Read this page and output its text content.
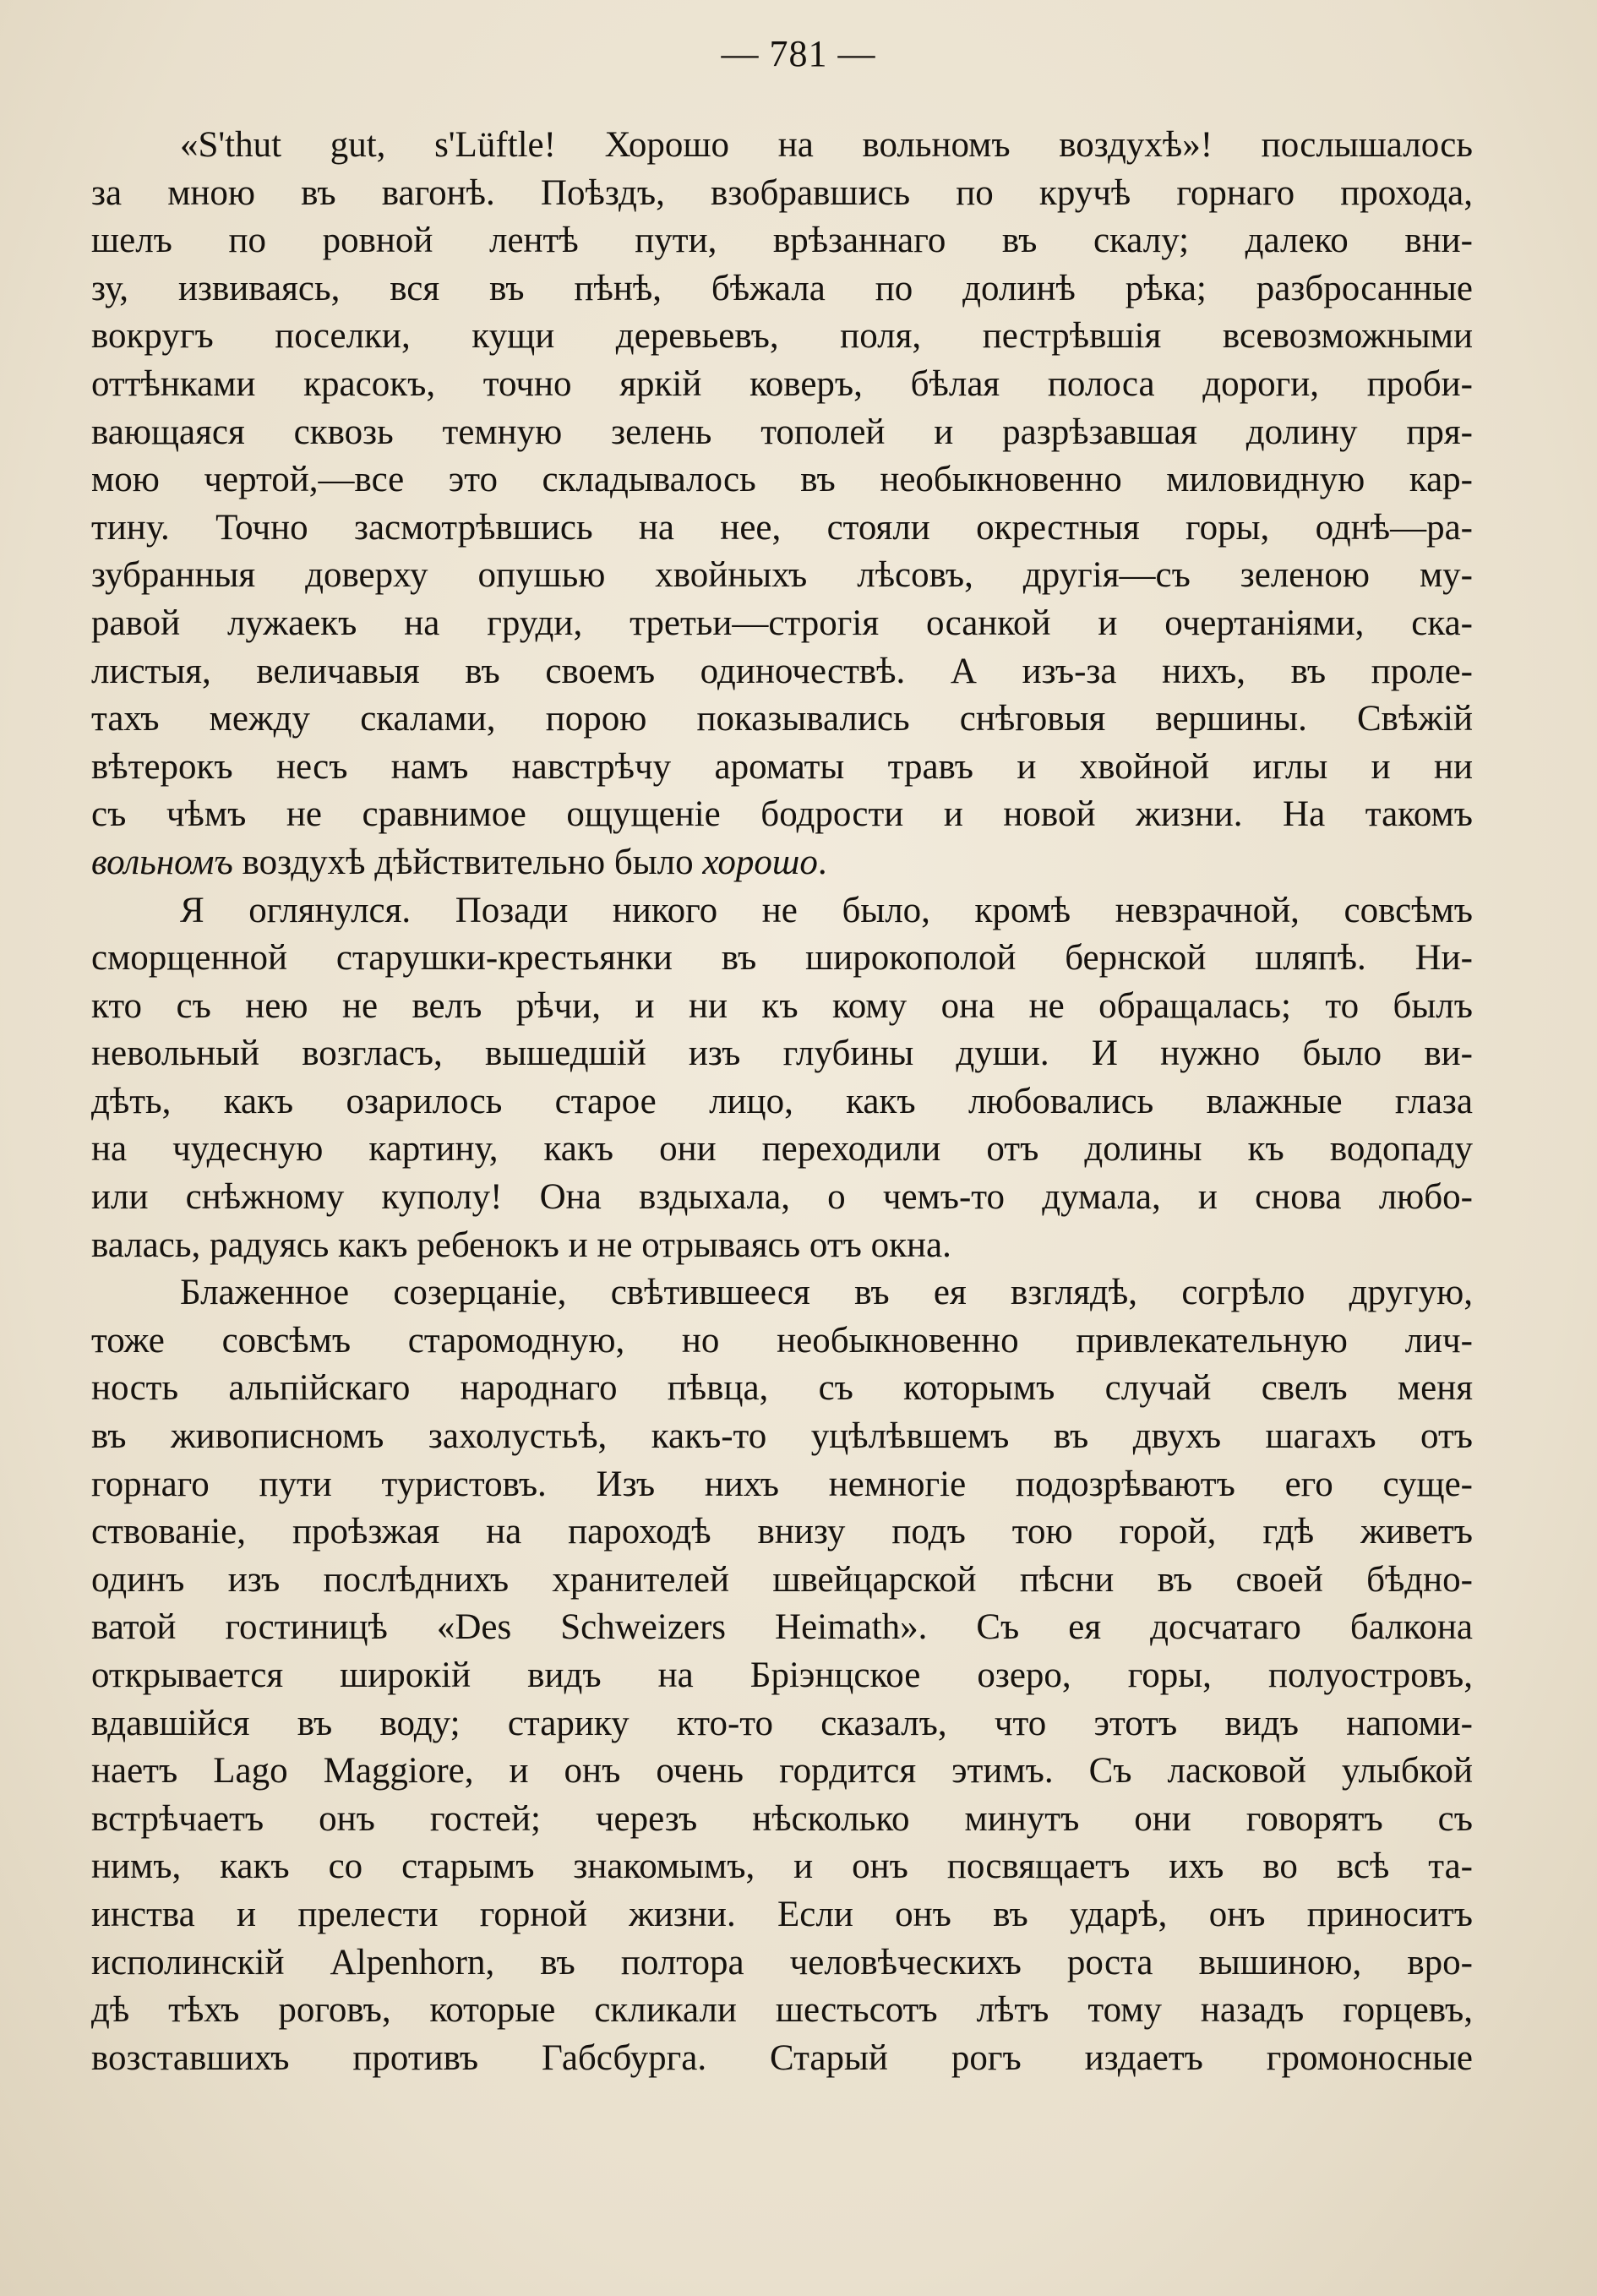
— 781 —

«S'thut gut, s'Lüftle! Хорошо на вольномъ воздухѣ»! послышалось
за мною въ вагонѣ. Поѣздъ, взобравшись по кручѣ горнаго прохода,
шелъ по ровной лентѣ пути, врѣзаннаго въ скалу; далеко вни-
зу, извиваясь, вся въ пѣнѣ, бѣжала по долинѣ рѣка; разбросанные
вокругъ поселки, кущи деревьевъ, поля, пестрѣвшія всевозможными
оттѣнками красокъ, точно яркій коверъ, бѣлая полоса дороги, проби-
вающаяся сквозь темную зелень тополей и разрѣзавшая долину пря-
мою чертой,—все это складывалось въ необыкновенно миловидную кар-
тину. Точно засмотрѣвшись на нее, стояли окрестныя горы, однѣ—ра-
зубранныя доверху опушью хвойныхъ лѣсовъ, другія—съ зеленою му-
равой лужаекъ на груди, третьи—строгія осанкой и очертаніями, ска-
листыя, величавыя въ своемъ одиночествѣ. А изъ-за нихъ, въ проле-
тахъ между скалами, порою показывались снѣговыя вершины. Свѣжій
вѣтерокъ несъ намъ навстрѣчу ароматы травъ и хвойной иглы и ни
съ чѣмъ не сравнимое ощущеніе бодрости и новой жизни. На такомъ
вольномъ воздухѣ дѣйствительно было хорошо.

Я оглянулся. Позади никого не было, кромѣ невзрачной, совсѣмъ
сморщенной старушки-крестьянки въ широкополой бернской шляпѣ. Ни-
кто съ нею не велъ рѣчи, и ни къ кому она не обращалась; то былъ
невольный возгласъ, вышедшій изъ глубины души. И нужно было ви-
дѣть, какъ озарилось старое лицо, какъ любовались влажные глаза
на чудесную картину, какъ они переходили отъ долины къ водопаду
или снѣжному куполу! Она вздыхала, о чемъ-то думала, и снова любо-
валась, радуясь какъ ребенокъ и не отрываясь отъ окна.

Блаженное созерцаніе, свѣтившееся въ ея взглядѣ, согрѣло другую,
тоже совсѣмъ старомодную, но необыкновенно привлекательную лич-
ность альпійскаго народнаго пѣвца, съ которымъ случай свелъ меня
въ живописномъ захолустьѣ, какъ-то уцѣлѣвшемъ въ двухъ шагахъ отъ
горнаго пути туристовъ. Изъ нихъ немногіе подозрѣваютъ его суще-
ствованіе, проѣзжая на пароходѣ внизу подъ тою горой, гдѣ живетъ
одинъ изъ послѣднихъ хранителей швейцарской пѣсни въ своей бѣдно-
ватой гостиницѣ «Des Schweizers Heimath». Съ ея досчатаго балкона
открывается широкій видъ на Бріэнцское озеро, горы, полуостровъ,
вдавшійся въ воду; старику кто-то сказалъ, что этотъ видъ напоми-
наетъ Lago Maggiore, и онъ очень гордится этимъ. Съ ласковой улыбкой
встрѣчаетъ онъ гостей; черезъ нѣсколько минутъ они говорятъ съ
нимъ, какъ со старымъ знакомымъ, и онъ посвящаетъ ихъ во всѣ та-
инства и прелести горной жизни. Если онъ въ ударѣ, онъ приноситъ
исполинскій Alpenhorn, въ полтора человѣческихъ роста вышиною, вро-
дѣ тѣхъ роговъ, которые скликали шестьсотъ лѣтъ тому назадъ горцевъ,
возставшихъ противъ Габсбурга. Старый рогъ издаетъ громоносные
